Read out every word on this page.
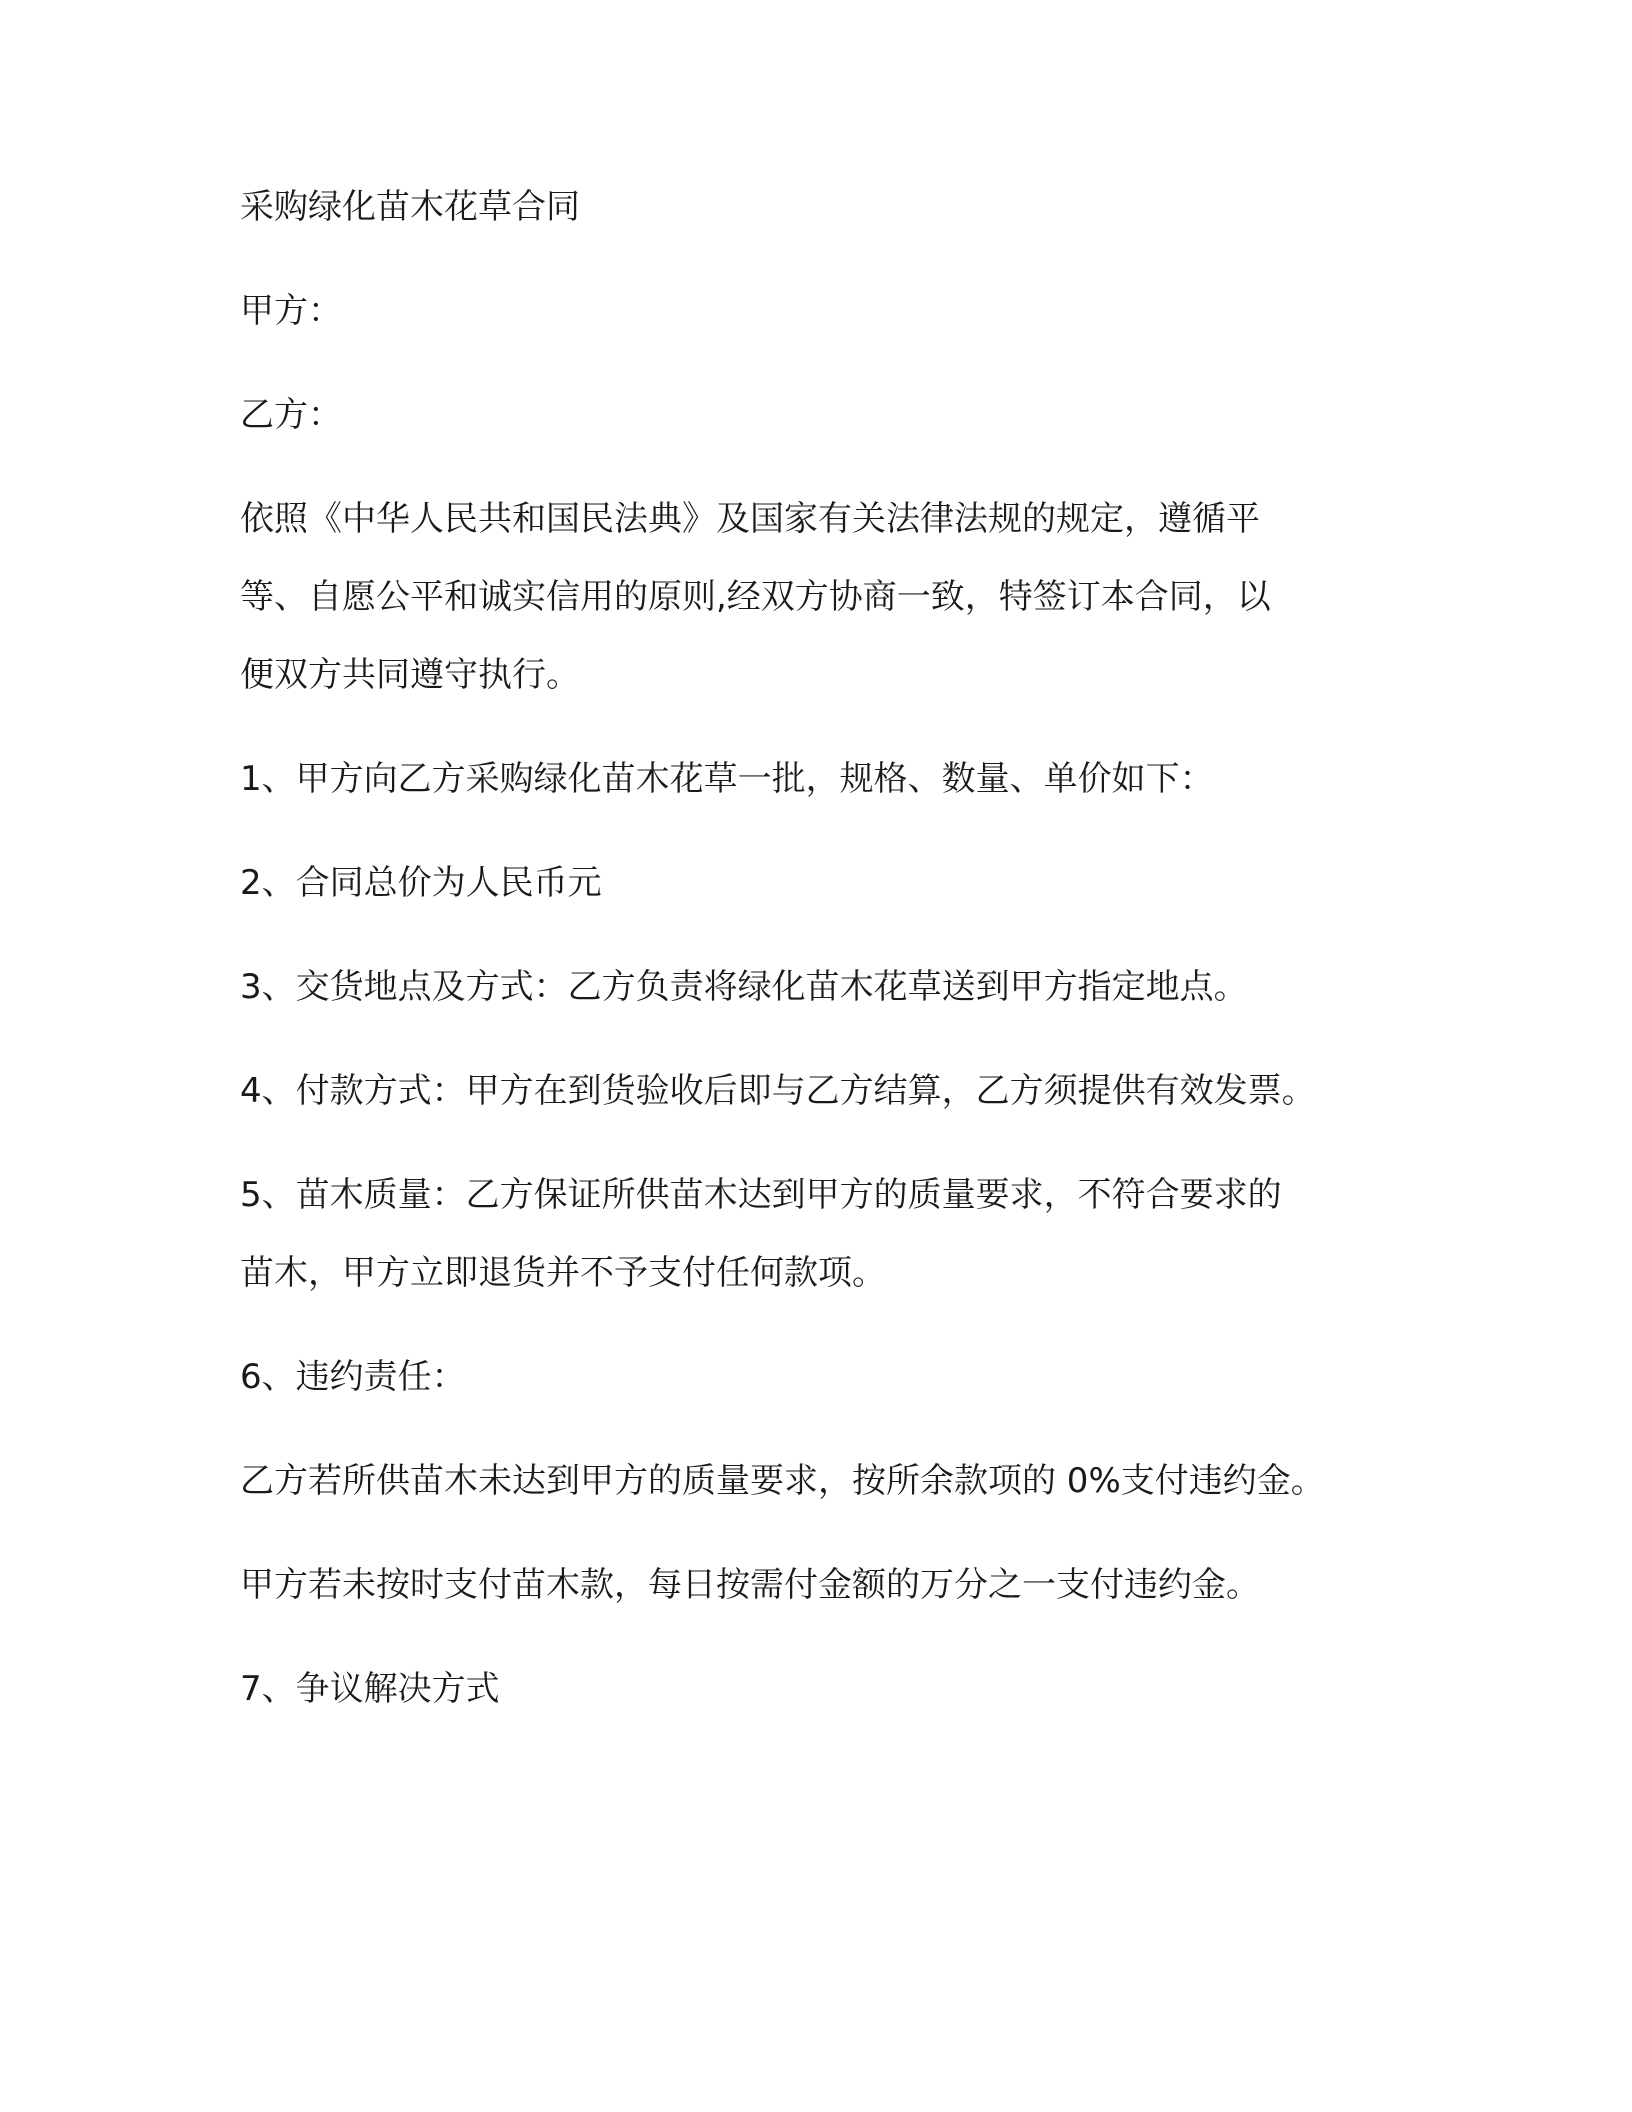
采购绿化苗木花草合同

甲方：

乙方：

依照《中华人民共和国民法典》及国家有关法律法规的规定，遵循平

等、自愿公平和诚实信用的原则,经双方协商一致，特签订本合同，以

便双方共同遵守执行。

1、甲方向乙方采购绿化苗木花草一批，规格、数量、单价如下：

2、合同总价为人民币元

3、交货地点及方式：乙方负责将绿化苗木花草送到甲方指定地点。

4、付款方式：甲方在到货验收后即与乙方结算，乙方须提供有效发票。

5、苗木质量：乙方保证所供苗木达到甲方的质量要求，不符合要求的

苗木，甲方立即退货并不予支付任何款项。

6、违约责任：

乙方若所供苗木未达到甲方的质量要求，按所余款项的 0%支付违约金。

甲方若未按时支付苗木款，每日按需付金额的万分之一支付违约金。

7、争议解决方式
